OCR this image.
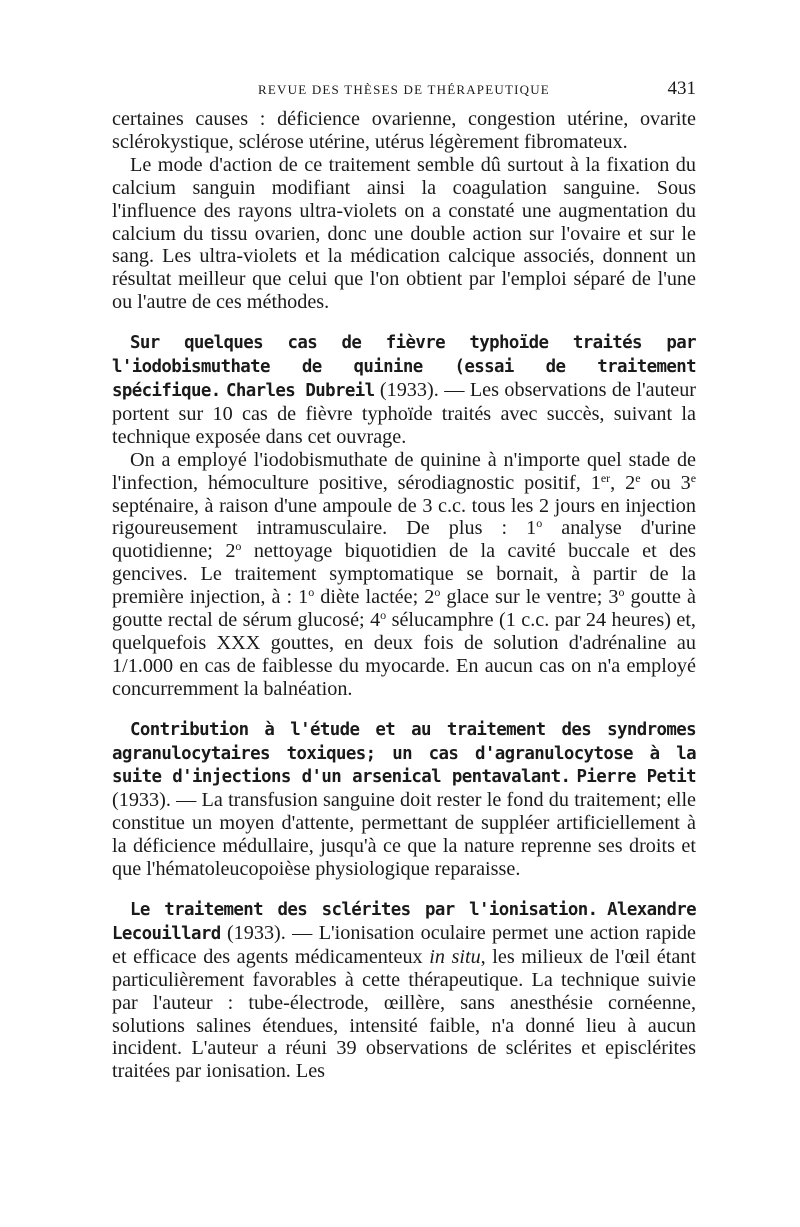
REVUE DES THÈSES DE THÉRAPEUTIQUE	431

certaines causes : déficience ovarienne, congestion utérine, ovarite sclérokystique, sclérose utérine, utérus légèrement fibromateux.

Le mode d'action de ce traitement semble dû surtout à la fixation du calcium sanguin modifiant ainsi la coagulation sanguine. Sous l'influence des rayons ultra-violets on a constaté une augmentation du calcium du tissu ovarien, donc une double action sur l'ovaire et sur le sang. Les ultra-violets et la médication calcique associés, donnent un résultat meilleur que celui que l'on obtient par l'emploi séparé de l'une ou l'autre de ces méthodes.

Sur quelques cas de fièvre typhoïde traités par l'iodobismuthate de quinine (essai de traitement spécifique. Charles Dubreil (1933). — Les observations de l'auteur portent sur 10 cas de fièvre typhoïde traités avec succès, suivant la technique exposée dans cet ouvrage.

On a employé l'iodobismuthate de quinine à n'importe quel stade de l'infection, hémoculture positive, sérodiagnostic positif, 1er, 2e ou 3e septénaire, à raison d'une ampoule de 3 c.c. tous les 2 jours en injection rigoureusement intramusculaire. De plus : 1$^o$ analyse d'urine quotidienne; 2$^o$ nettoyage biquotidien de la cavité buccale et des gencives. Le traitement symptomatique se bornait, à partir de la première injection, à : 1$^o$ diète lactée; 2$^o$ glace sur le ventre; 3$^o$ goutte à goutte rectal de sérum glucosé; 4$^o$ sélucamphre (1 c.c. par 24 heures) et, quelquefois XXX gouttes, en deux fois de solution d'adrénaline au 1/1.000 en cas de faiblesse du myocarde. En aucun cas on n'a employé concurremment la balnéation.

Contribution à l'étude et au traitement des syndromes agranulocytaires toxiques; un cas d'agranulocytose à la suite d'injections d'un arsenical pentavalant. Pierre Petit (1933). — La transfusion sanguine doit rester le fond du traitement; elle constitue un moyen d'attente, permettant de suppléer artificiellement à la déficience médullaire, jusqu'à ce que la nature reprenne ses droits et que l'hématoleucopoièse physiologique reparaisse.

Le traitement des sclérites par l'ionisation. Alexandre Lecouillard (1933). — L'ionisation oculaire permet une action rapide et efficace des agents médicamenteux in situ, les milieux de l'œil étant particulièrement favorables à cette thérapeutique. La technique suivie par l'auteur : tube-électrode, œillère, sans anesthésie cornéenne, solutions salines étendues, intensité faible, n'a donné lieu à aucun incident. L'auteur a réuni 39 observations de sclérites et episclérites traitées par ionisation. Les
